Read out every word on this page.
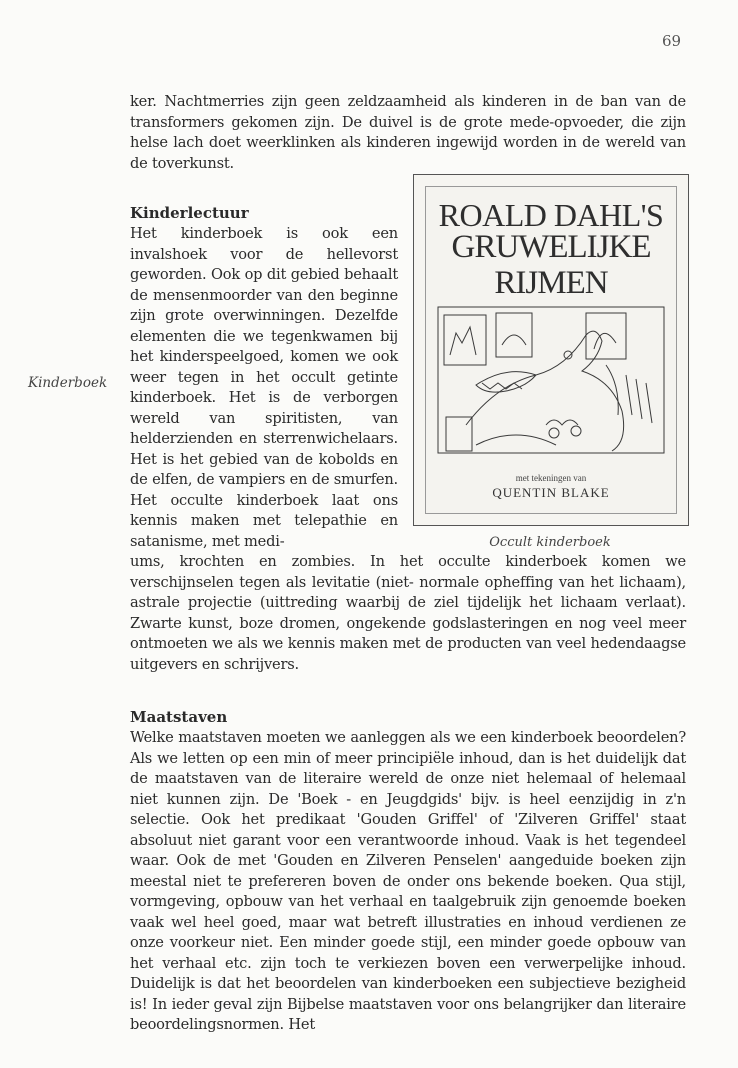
69
ker. Nachtmerries zijn geen zeldzaamheid als kinderen in de ban van de transformers gekomen zijn. De duivel is de grote mede-opvoeder, die zijn helse lach doet weerklinken als kinderen ingewijd worden in de wereld van de toverkunst.
Kinderlectuur
Kinderboek
Het kinderboek is ook een invalshoek voor de hellevorst geworden. Ook op dit gebied behaalt de mensenmoorder van den beginne zijn grote overwinningen. Dezelfde elementen die we tegenkwamen bij het kinderspeelgoed, komen we ook weer tegen in het occult getinte kinderboek. Het is de verborgen wereld van spiritisten, van helderzienden en sterrenwichelaars. Het is het gebied van de kobolds en de elfen, de vampiers en de smurfen. Het occulte kinderboek laat ons kennis maken met telepathie en satanisme, met medi-
ums, krochten en zombies. In het occulte kinderboek komen we verschijnselen tegen als levitatie (niet- normale opheffing van het lichaam), astrale projectie (uittreding waarbij de ziel tijdelijk het lichaam verlaat). Zwarte kunst, boze dromen, ongekende godslasteringen en nog veel meer ontmoeten we als we kennis maken met de producten van veel hedendaagse uitgevers en schrijvers.
ROALD DAHL'S
GRUWELIJKE
RIJMEN
met tekeningen van
QUENTIN BLAKE
Occult kinderboek
Maatstaven
Welke maatstaven moeten we aanleggen als we een kinderboek beoordelen? Als we letten op een min of meer principiële inhoud, dan is het duidelijk dat de maatstaven van de literaire wereld de onze niet helemaal of helemaal niet kunnen zijn. De 'Boek - en Jeugdgids' bijv. is heel eenzijdig in z'n selectie. Ook het predikaat 'Gouden Griffel' of 'Zilveren Griffel' staat absoluut niet garant voor een verantwoorde inhoud. Vaak is het tegendeel waar. Ook de met 'Gouden en Zilveren Penselen' aangeduide boeken zijn meestal niet te prefereren boven de onder ons bekende boeken. Qua stijl, vormgeving, opbouw van het verhaal en taalgebruik zijn genoemde boeken vaak wel heel goed, maar wat betreft illustraties en inhoud verdienen ze onze voorkeur niet. Een minder goede stijl, een minder goede opbouw van het verhaal etc. zijn toch te verkiezen boven een verwerpelijke inhoud. Duidelijk is dat het beoordelen van kinderboeken een subjectieve bezigheid is! In ieder geval zijn Bijbelse maatstaven voor ons belangrijker dan literaire beoordelingsnormen. Het
